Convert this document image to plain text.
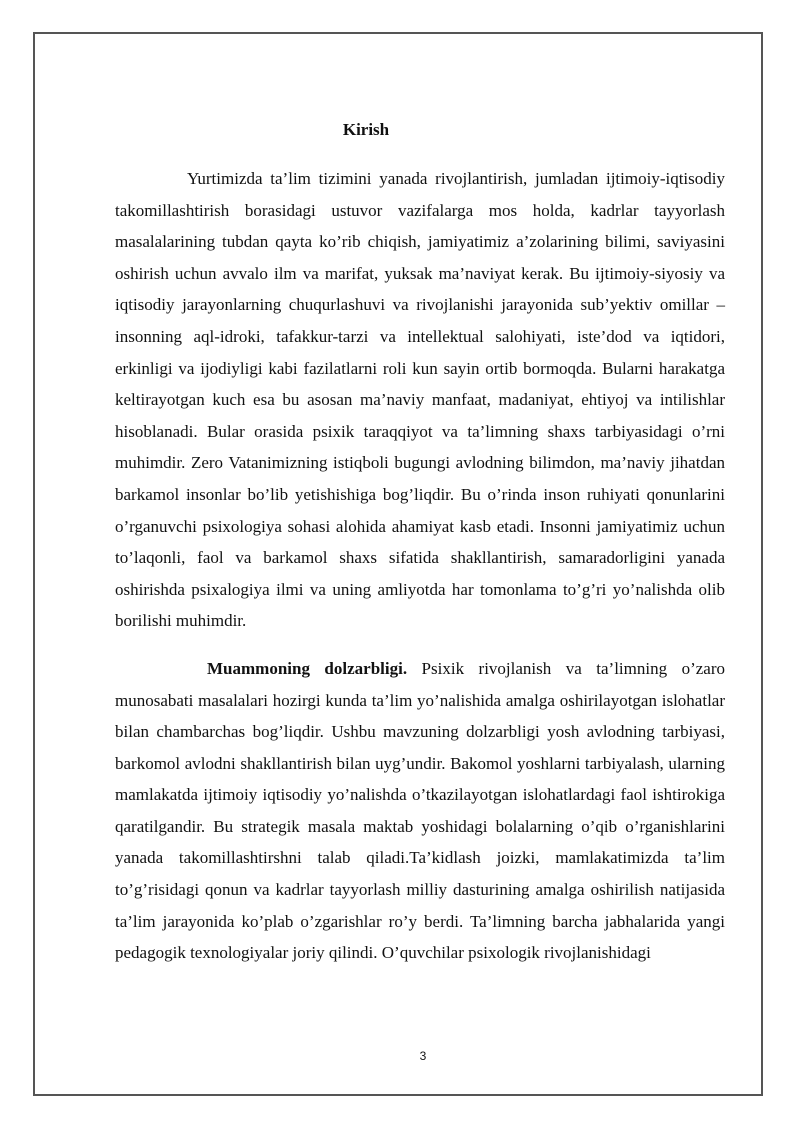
Kirish

Yurtimizda ta’lim tizimini yanada rivojlantirish, jumladan ijtimoiy-iqtisodiy takomillashtirish borasidagi ustuvor vazifalarga mos holda, kadrlar tayyorlash masalalarining tubdan qayta ko’rib chiqish, jamiyatimiz a’zolarining bilimi, saviyasini oshirish uchun avvalo ilm va marifat, yuksak ma’naviyat kerak. Bu ijtimoiy-siyosiy va iqtisodiy jarayonlarning chuqurlashuvi va rivojlanishi jarayonida sub’yektiv omillar – insonning aql-idroki, tafakkur-tarzi va intellektual salohiyati, iste’dod va iqtidori, erkinligi va ijodiyligi kabi fazilatlarni roli kun sayin ortib bormoqda. Bularni harakatga keltirayotgan kuch esa bu asosan ma’naviy manfaat, madaniyat, ehtiyoj va intilishlar hisoblanadi. Bular orasida psixik taraqqiyot va ta’limning shaxs tarbiyasidagi o’rni muhimdir. Zero Vatanimizning istiqboli bugungi avlodning bilimdon, ma’naviy jihatdan barkamol insonlar bo’lib yetishishiga bog’liqdir. Bu o’rinda inson ruhiyati qonunlarini o’rganuvchi psixologiya sohasi alohida ahamiyat kasb etadi. Insonni jamiyatimiz uchun to’laqonli, faol va barkamol shaxs sifatida shakllantirish, samaradorligini yanada oshirishda psixalogiya ilmi va uning amliyotda har tomonlama to’g’ri yo’nalishda olib borilishi muhimdir.

Muammoning dolzarbligi. Psixik rivojlanish va ta’limning o’zaro munosabati masalalari hozirgi kunda ta’lim yo’nalishida amalga oshirilayotgan islohatlar bilan chambarchas bog’liqdir. Ushbu mavzuning dolzarbligi yosh avlodning tarbiyasi, barkomol avlodni shakllantirish bilan uyg’undir. Bakomol yoshlarni tarbiyalash, ularning mamlakatda ijtimoiy iqtisodiy yo’nalishda o’tkazilayotgan islohatlardagi faol ishtirokiga qaratilgandir. Bu strategik masala maktab yoshidagi bolalarning o’qib o’rganishlarini yanada takomillashtirshni talab qiladi.Ta’kidlash joizki, mamlakatimizda ta’lim to’g’risidagi qonun va kadrlar tayyorlash milliy dasturining amalga oshirilish natijasida ta’lim jarayonida ko’plab o’zgarishlar ro’y berdi. Ta’limning barcha jabhalarida yangi pedagogik texnologiyalar joriy qilindi. O’quvchilar psixologik rivojlanishidagi

3
